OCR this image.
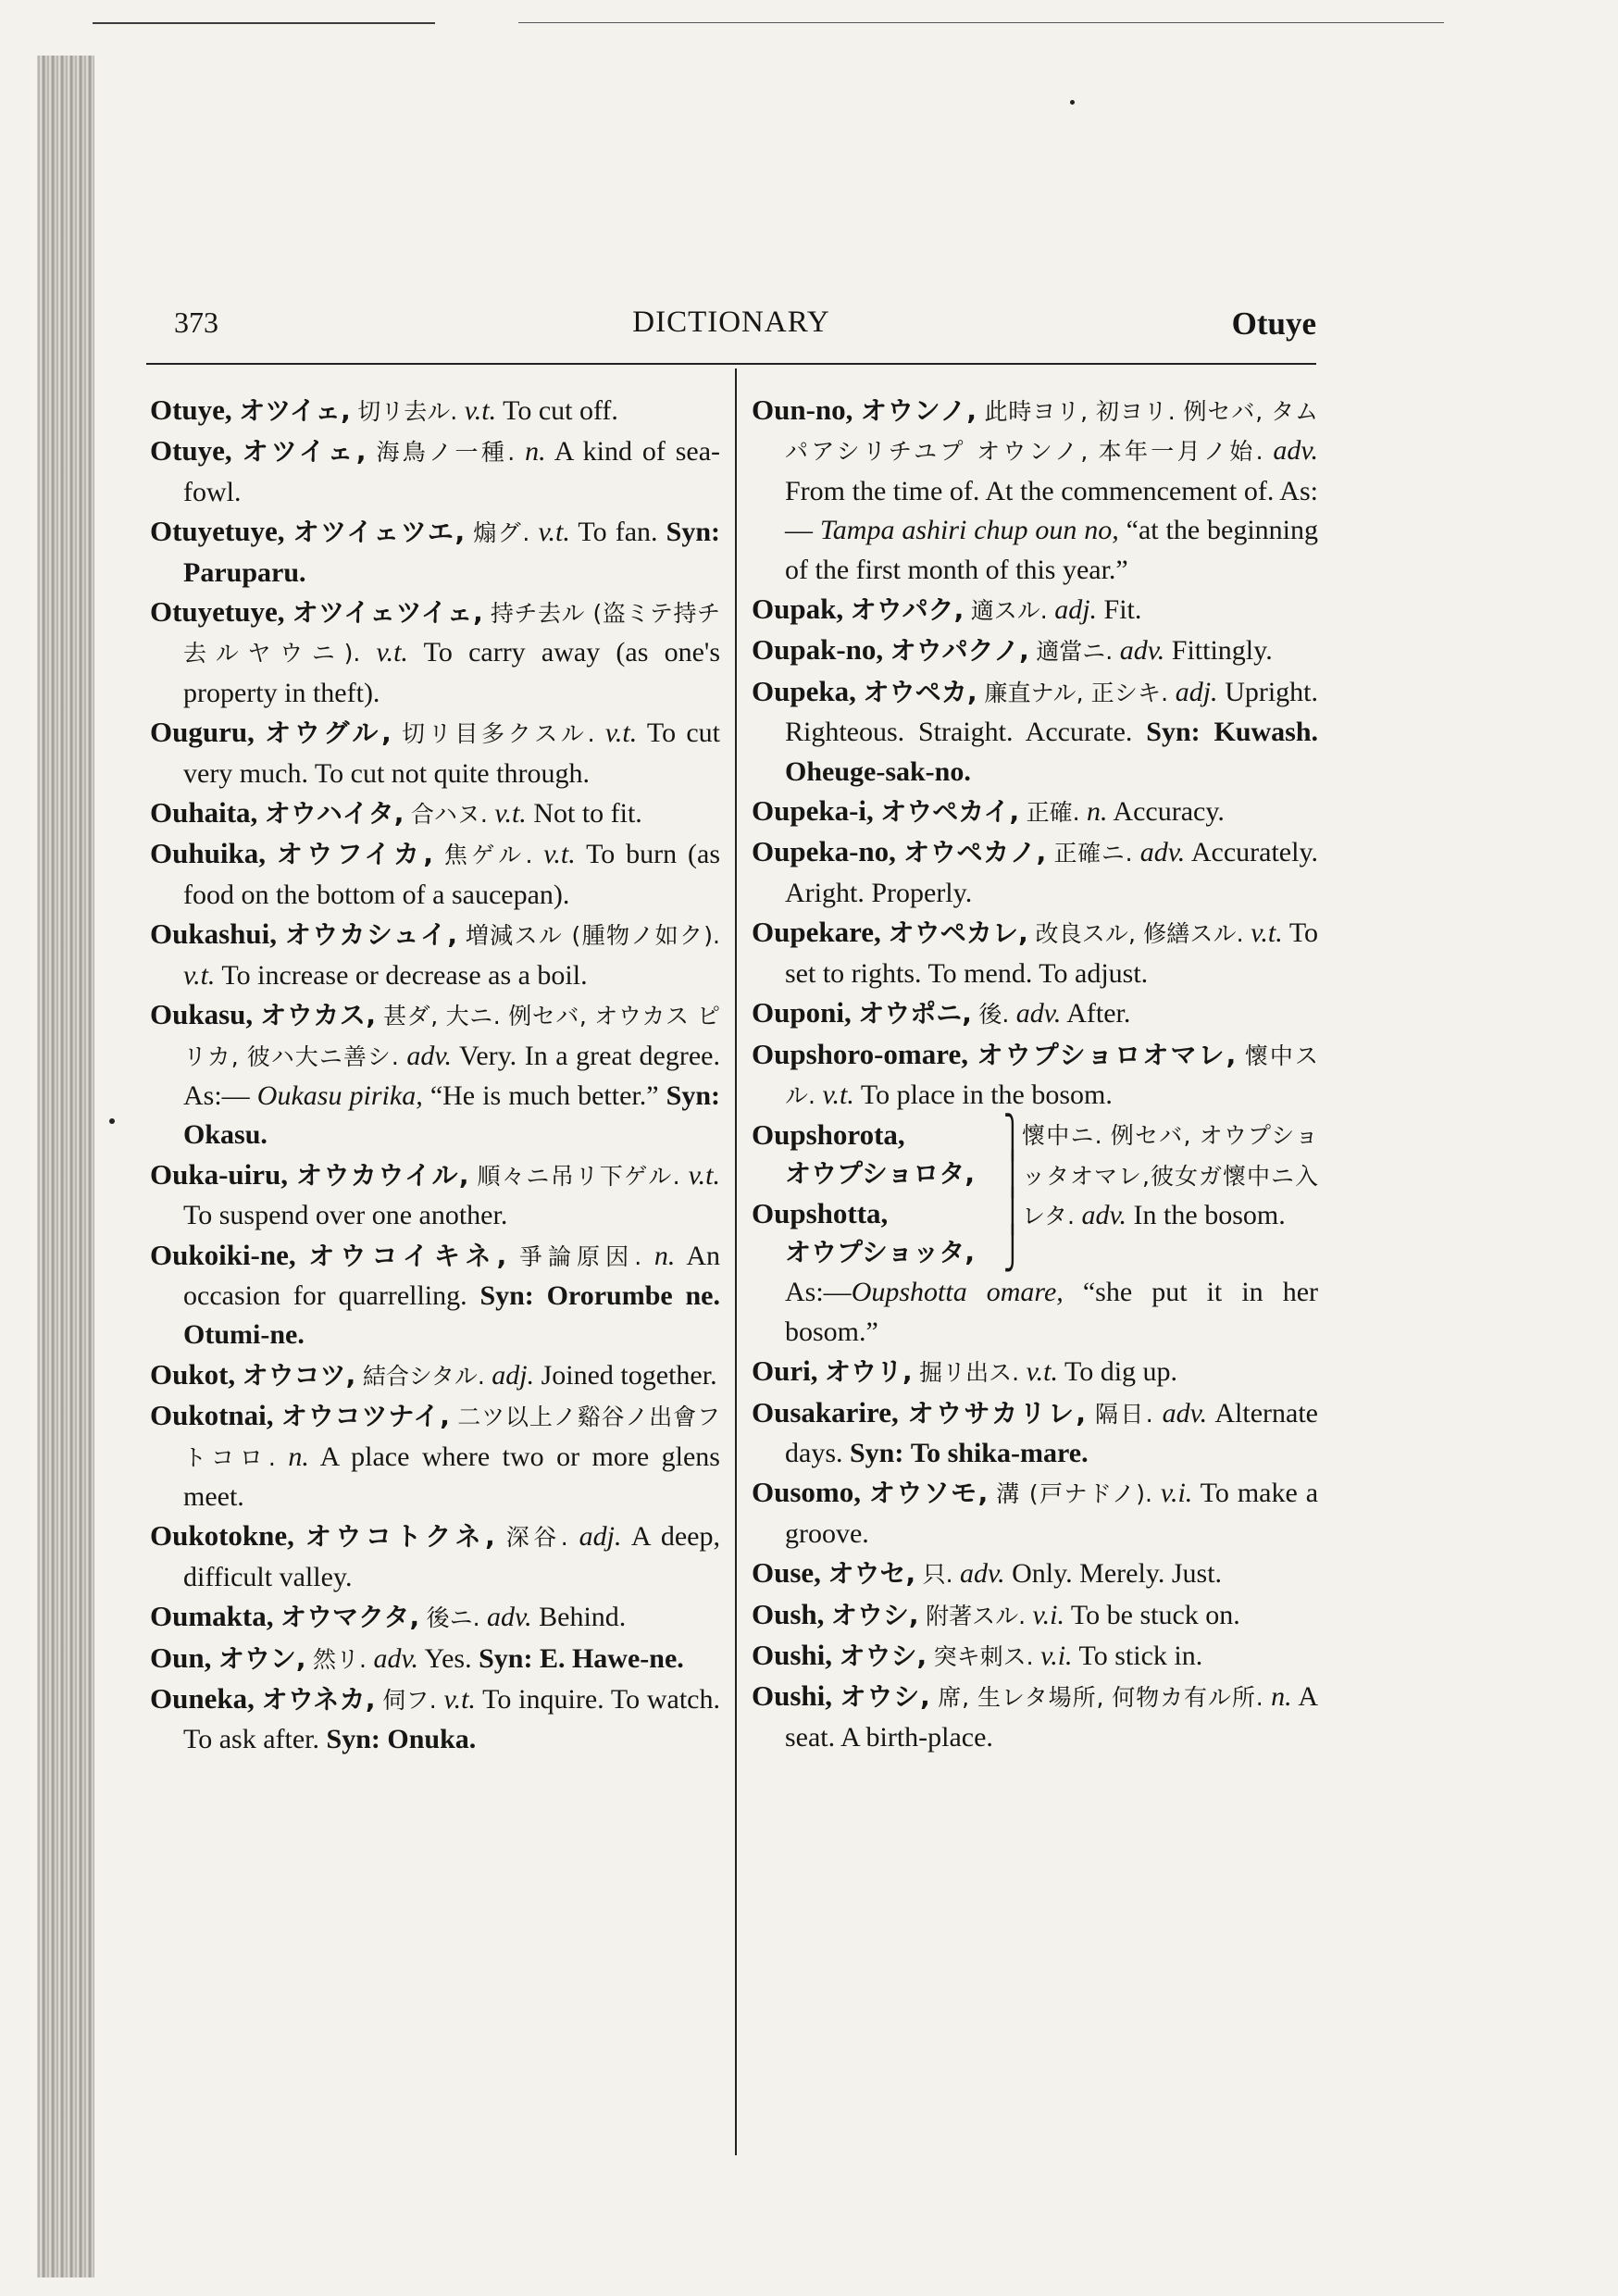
373	DICTIONARY	Otuye

Otuye, オツイェ, 切リ去ル. v.t. To cut off.

Otuye, オツイェ, 海鳥ノ一種. n. A kind of sea-fowl.

Otuyetuye, オツイェツエ, 煽グ. v.t. To fan. Syn: Paruparu.

Otuyetuye, オツイェツイェ, 持チ去ル (盗ミテ持チ去ルヤウニ). v.t. To carry away (as one's property in theft).

Ouguru, オウグル, 切リ目多クスル. v.t. To cut very much. To cut not quite through.

Ouhaita, オウハイタ, 合ハヌ. v.t. Not to fit.

Ouhuika, オウフイカ, 焦ゲル. v.t. To burn (as food on the bottom of a saucepan).

Oukashui, オウカシュイ, 増減スル (腫物ノ如ク). v.t. To increase or decrease as a boil.

Oukasu, オウカス, 甚ダ, 大ニ. 例セバ, オウカス ピリカ, 彼ハ大ニ善シ. adv. Very. In a great degree. As:— Oukasu pirika, “He is much better.” Syn: Okasu.

Ouka-uiru, オウカウイル, 順々ニ吊リ下ゲル. v.t. To suspend over one another.

Oukoiki-ne, オウコイキネ, 爭論原因. n. An occasion for quarrelling. Syn: Ororumbe ne. Otumi-ne.

Oukot, オウコツ, 結合シタル. adj. Joined together.

Oukotnai, オウコツナイ, 二ツ以上ノ谿谷ノ出會フトコロ. n. A place where two or more glens meet.

Oukotokne, オウコトクネ, 深谷. adj. A deep, difficult valley.

Oumakta, オウマクタ, 後ニ. adv. Behind.

Oun, オウン, 然リ. adv. Yes. Syn: E. Hawe-ne.

Ouneka, オウネカ, 伺フ. v.t. To inquire. To watch. To ask after. Syn: Onuka.

Oun-no, オウンノ, 此時ヨリ, 初ヨリ. 例セバ, タムパアシリチユプ オウンノ, 本年一月ノ始. adv. From the time of. At the commencement of. As:— Tampa ashiri chup oun no, “at the beginning of the first month of this year.”

Oupak, オウパク, 適スル. adj. Fit.

Oupak-no, オウパクノ, 適當ニ. adv. Fittingly.

Oupeka, オウペカ, 廉直ナル, 正シキ. adj. Upright. Righteous. Straight. Accurate. Syn: Kuwash. Oheuge-sak-no.

Oupeka-i, オウペカイ, 正確. n. Accuracy.

Oupeka-no, オウペカノ, 正確ニ. adv. Accurately. Aright. Properly.

Oupekare, オウペカレ, 改良スル, 修繕スル. v.t. To set to rights. To mend. To adjust.

Ouponi, オウポニ, 後. adv. After.

Oupshoro-omare, オウプショロオマレ, 懷中スル. v.t. To place in the bosom.

Oupshorota,
オウプショロタ,
Oupshotta,
オウプショッタ,
⎫
⎪
⎪
⎭
懷中ニ. 例セバ, オウプショッタオマレ,彼女ガ懷中ニ入レタ. adv. In the bosom.

As:—Oupshotta omare, “she put it in her bosom.”

Ouri, オウリ, 掘リ出ス. v.t. To dig up.

Ousakarire, オウサカリレ, 隔日. adv. Alternate days. Syn: To shika-mare.

Ousomo, オウソモ, 溝 (戸ナドノ). v.i. To make a groove.

Ouse, オウセ, 只. adv. Only. Merely. Just.

Oush, オウシ, 附著スル. v.i. To be stuck on.

Oushi, オウシ, 突キ刺ス. v.i. To stick in.

Oushi, オウシ, 席, 生レタ場所, 何物カ有ル所. n. A seat. A birth-place.
